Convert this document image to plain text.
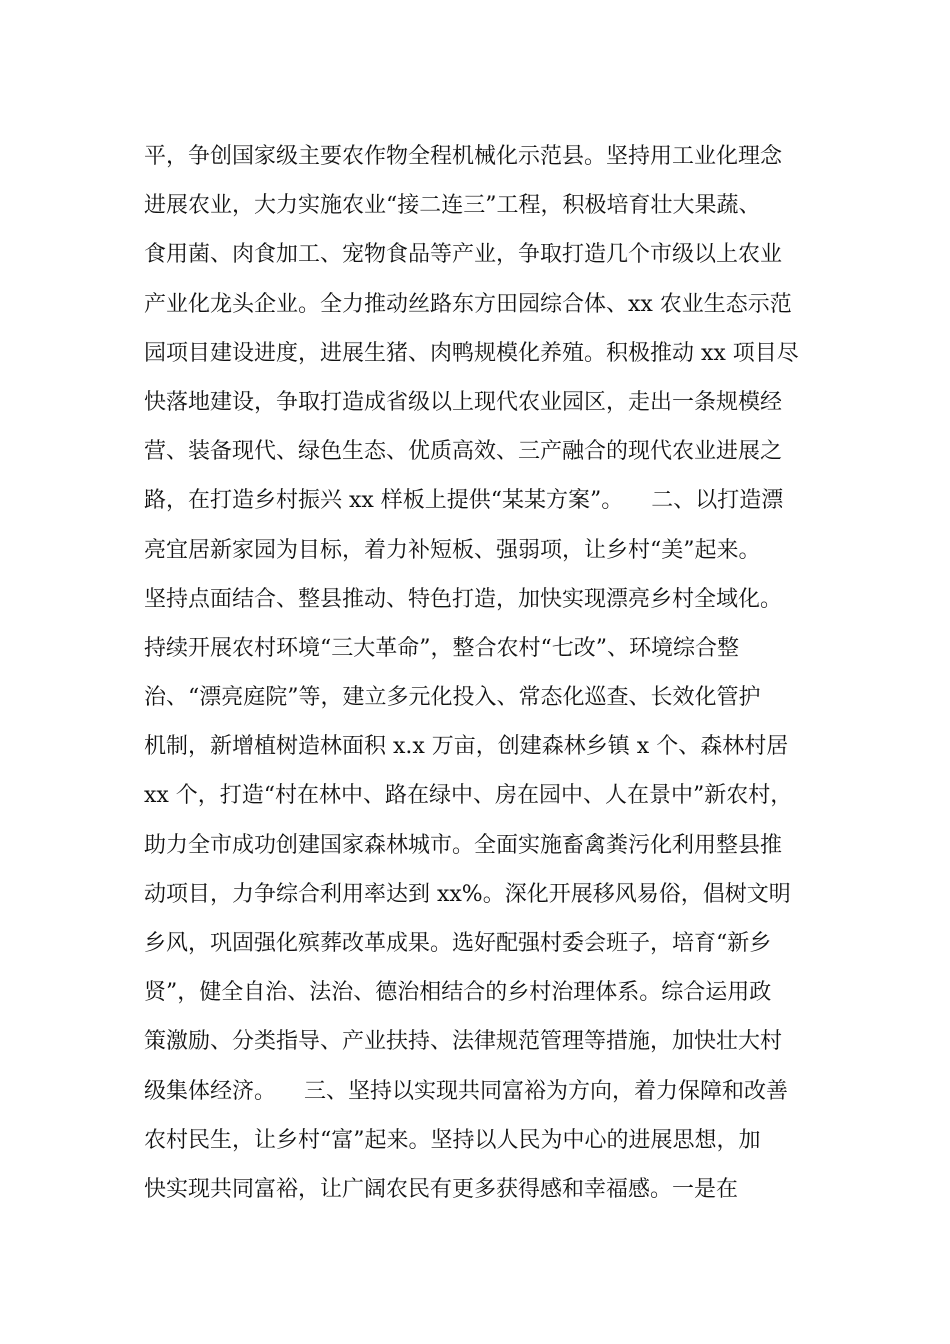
平，争创国家级主要农作物全程机械化示范县。坚持用工业化理念
进展农业，大力实施农业“接二连三”工程，积极培育壮大果蔬、
食用菌、肉食加工、宠物食品等产业，争取打造几个市级以上农业
产业化龙头企业。全力推动丝路东方田园综合体、xx 农业生态示范
园项目建设进度，进展生猪、肉鸭规模化养殖。积极推动 xx 项目尽
快落地建设，争取打造成省级以上现代农业园区，走出一条规模经
营、装备现代、绿色生态、优质高效、三产融合的现代农业进展之
路，在打造乡村振兴 xx 样板上提供“某某方案”。    二、以打造漂
亮宜居新家园为目标，着力补短板、强弱项，让乡村“美”起来。
坚持点面结合、整县推动、特色打造，加快实现漂亮乡村全域化。
持续开展农村环境“三大革命”，整合农村“七改”、环境综合整
治、“漂亮庭院”等，建立多元化投入、常态化巡查、长效化管护
机制，新增植树造林面积 x.x 万亩，创建森林乡镇 x 个、森林村居
xx 个，打造“村在林中、路在绿中、房在园中、人在景中”新农村，
助力全市成功创建国家森林城市。全面实施畜禽粪污化利用整县推
动项目，力争综合利用率达到 xx%。深化开展移风易俗，倡树文明
乡风，巩固强化殡葬改革成果。选好配强村委会班子，培育“新乡
贤”，健全自治、法治、德治相结合的乡村治理体系。综合运用政
策激励、分类指导、产业扶持、法律规范管理等措施，加快壮大村
级集体经济。    三、坚持以实现共同富裕为方向，着力保障和改善
农村民生，让乡村“富”起来。坚持以人民为中心的进展思想，加
快实现共同富裕，让广阔农民有更多获得感和幸福感。一是在
